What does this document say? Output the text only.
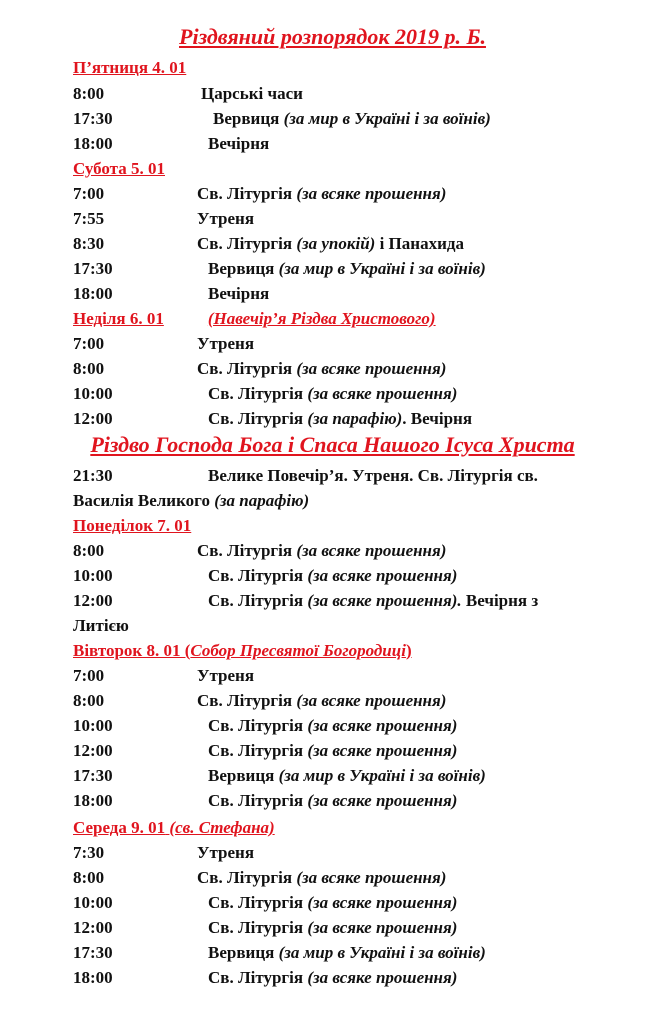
Різдвяний розпорядок 2019 р. Б.
П’ятниця 4. 01
8:00	Царські часи
17:30	Вервиця (за мир в Україні і за воїнів)
18:00	Вечірня
Субота 5. 01
7:00	Св. Літургія (за всяке прошення)
7:55	Утреня
8:30	Св. Літургія (за упокій) і Панахида
17:30	Вервиця (за мир в Україні і за воїнів)
18:00	Вечірня
Неділя 6. 01	(Навечір’я Різдва Христового)
7:00	Утреня
8:00	Св. Літургія (за всяке прошення)
10:00	Св. Літургія (за всяке прошення)
12:00	Св. Літургія (за парафію). Вечірня
Різдво Господа Бога і Спаса Нашого Ісуса Христа
21:30	Велике Повечір’я. Утреня. Св. Літургія св.
Василія Великого (за парафію)
Понеділок 7. 01
8:00	Св. Літургія (за всяке прошення)
10:00	Св. Літургія (за всяке прошення)
12:00	Св. Літургія (за всяке прошення). Вечірня з
Литією
Вівторок 8. 01 (Собор Пресвятої Богородиці)
7:00	Утреня
8:00	Св. Літургія (за всяке прошення)
10:00	Св. Літургія (за всяке прошення)
12:00	Св. Літургія (за всяке прошення)
17:30	Вервиця (за мир в Україні і за воїнів)
18:00	Св. Літургія (за всяке прошення)
Середа 9. 01 (св. Стефана)
7:30	Утреня
8:00	Св. Літургія (за всяке прошення)
10:00	Св. Літургія (за всяке прошення)
12:00	Св. Літургія (за всяке прошення)
17:30	Вервиця (за мир в Україні і за воїнів)
18:00	Св. Літургія (за всяке прошення)
